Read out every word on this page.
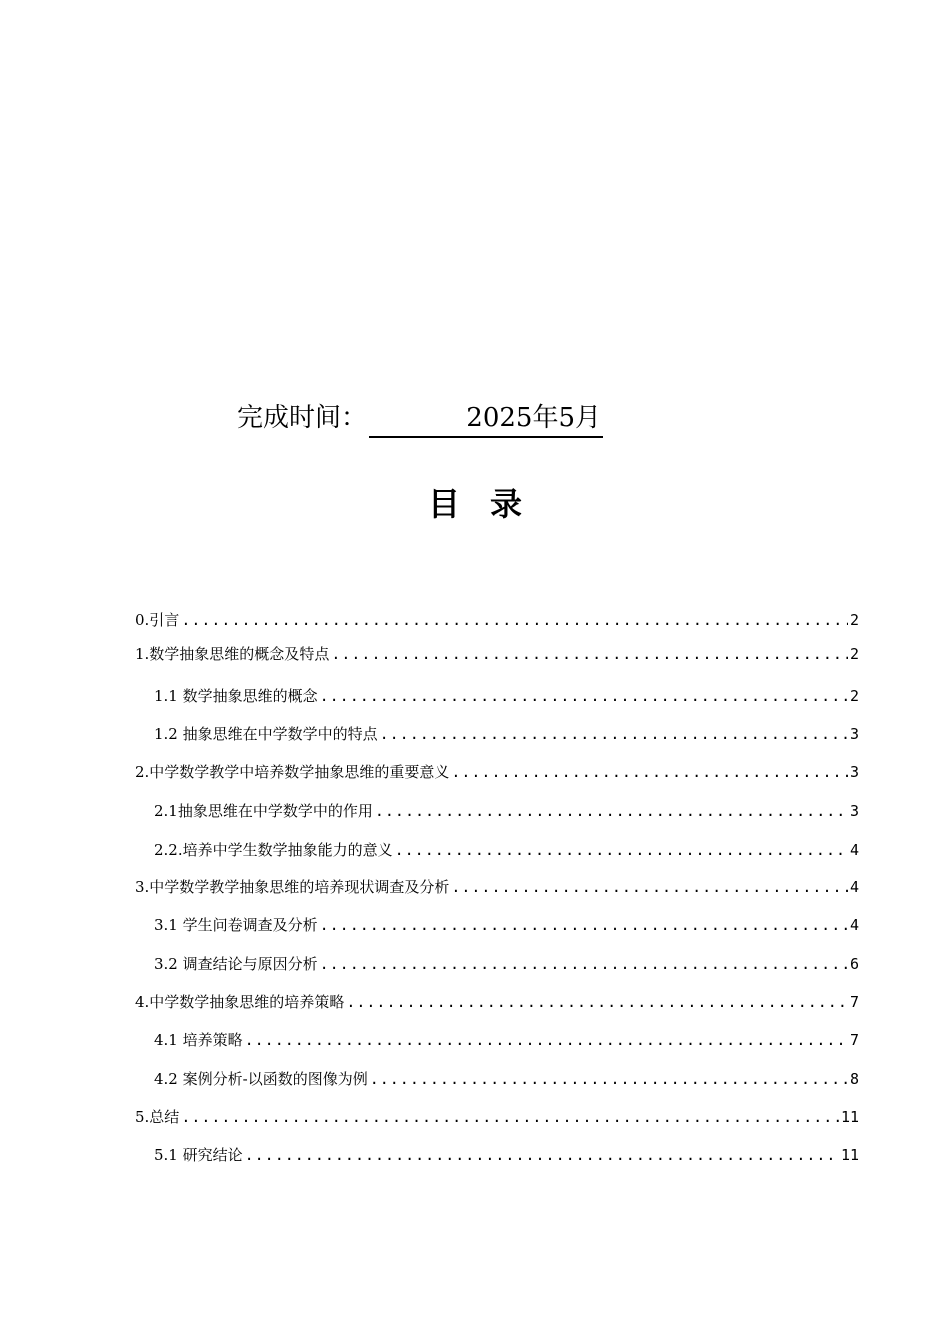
完成时间：	2025年5月
目录
0.引言 .....	2
1.数学抽象思维的概念及特点 .....	2
1.1 数学抽象思维的概念 .....	2
1.2 抽象思维在中学数学中的特点 .....	3
2.中学数学教学中培养数学抽象思维的重要意义 .....	3
2.1抽象思维在中学数学中的作用 .....	3
2.2.培养中学生数学抽象能力的意义 .....	4
3.中学数学教学抽象思维的培养现状调查及分析 .....	4
3.1 学生问卷调查及分析 .....	4
3.2 调查结论与原因分析 .....	6
4.中学数学抽象思维的培养策略 .....	7
4.1 培养策略 .....	7
4.2 案例分析-以函数的图像为例 .....	8
5.总结 .....	11
5.1 研究结论 .....	11
